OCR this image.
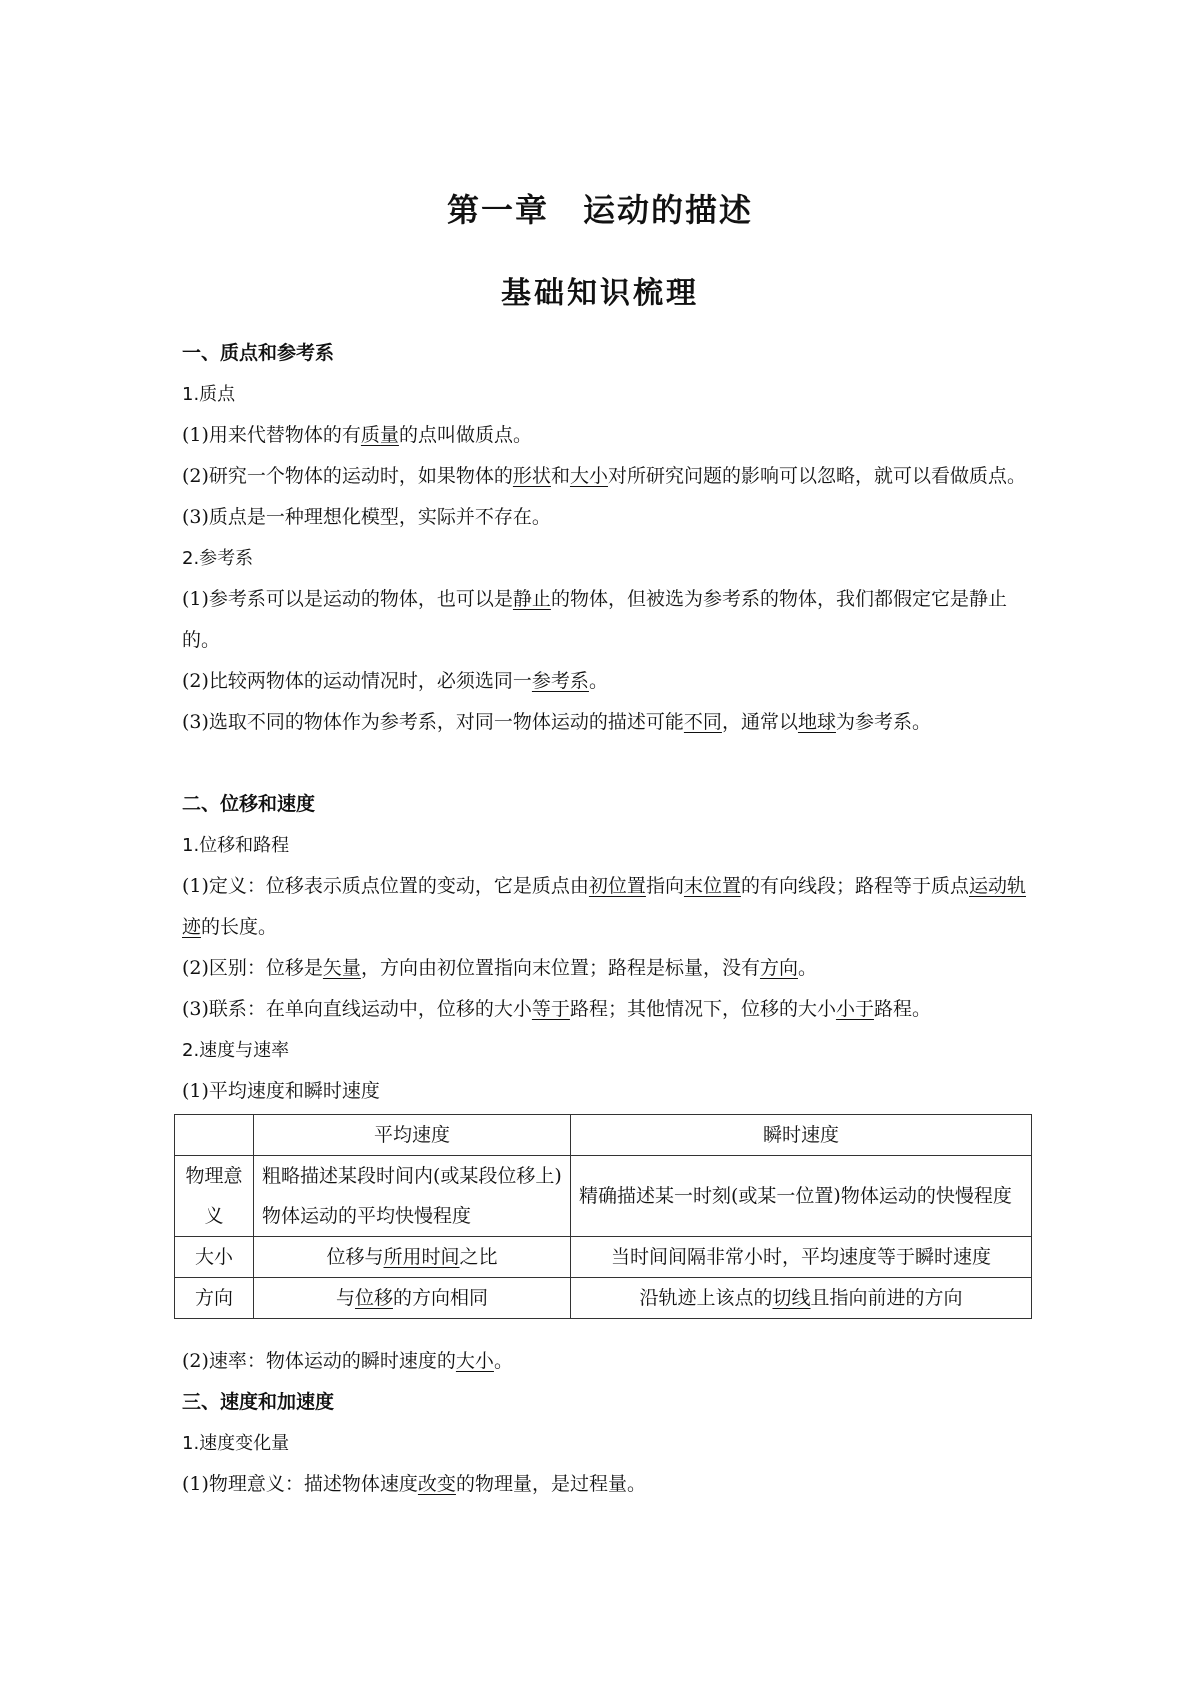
第一章　运动的描述
基础知识梳理
一、质点和参考系
1.质点
(1)用来代替物体的有质量的点叫做质点。
(2)研究一个物体的运动时，如果物体的形状和大小对所研究问题的影响可以忽略，就可以看做质点。
(3)质点是一种理想化模型，实际并不存在。
2.参考系
(1)参考系可以是运动的物体，也可以是静止的物体，但被选为参考系的物体，我们都假定它是静止的。
(2)比较两物体的运动情况时，必须选同一参考系。
(3)选取不同的物体作为参考系，对同一物体运动的描述可能不同，通常以地球为参考系。
二、位移和速度
1.位移和路程
(1)定义：位移表示质点位置的变动，它是质点由初位置指向末位置的有向线段；路程等于质点运动轨迹的长度。
(2)区别：位移是矢量，方向由初位置指向末位置；路程是标量，没有方向。
(3)联系：在单向直线运动中，位移的大小等于路程；其他情况下，位移的大小小于路程。
2.速度与速率
(1)平均速度和瞬时速度
	平均速度	瞬时速度
物理意义	粗略描述某段时间内(或某段位移上)物体运动的平均快慢程度	精确描述某一时刻(或某一位置)物体运动的快慢程度
大小	位移与所用时间之比	当时间间隔非常小时，平均速度等于瞬时速度
方向	与位移的方向相同	沿轨迹上该点的切线且指向前进的方向
(2)速率：物体运动的瞬时速度的大小。
三、速度和加速度
1.速度变化量
(1)物理意义：描述物体速度改变的物理量，是过程量。
